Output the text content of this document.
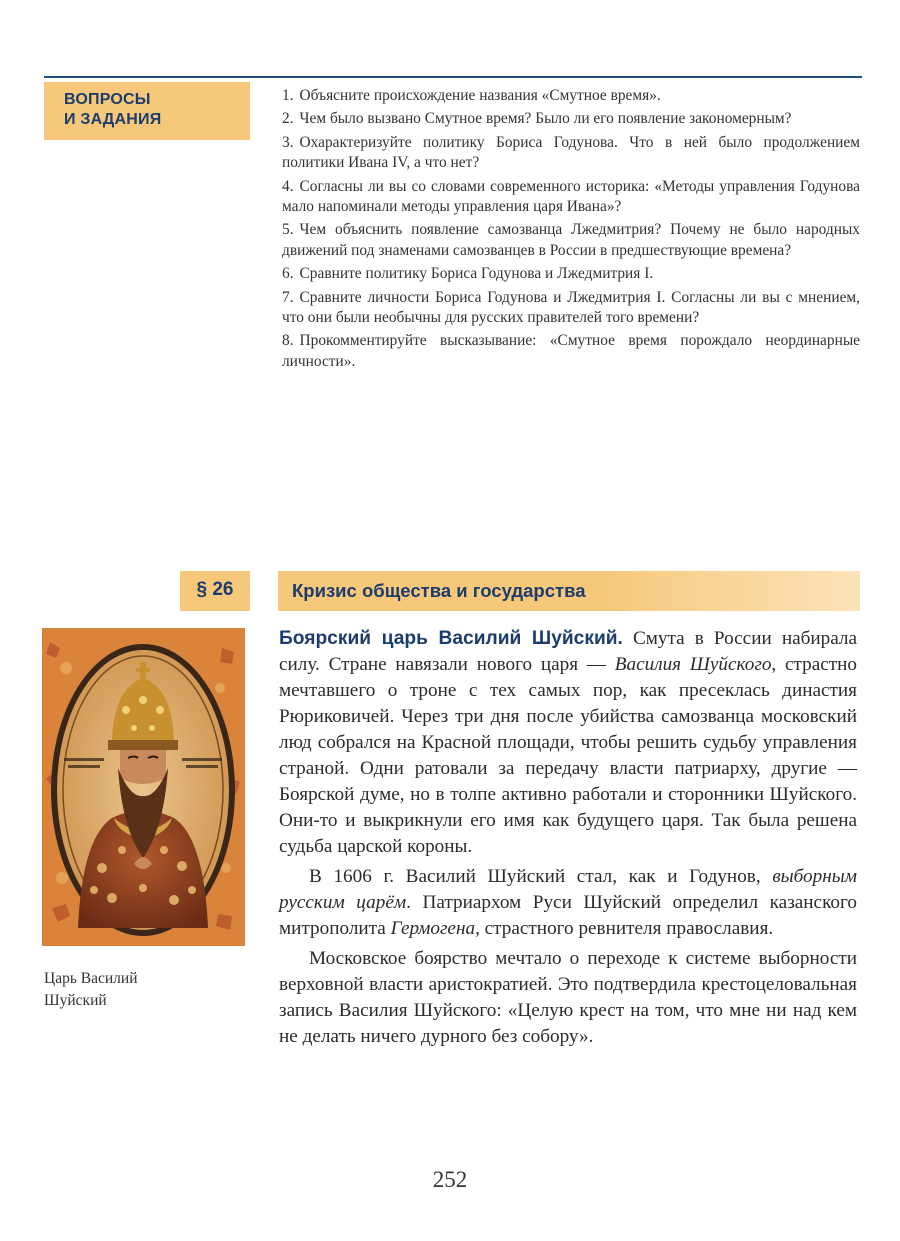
ВОПРОСЫ
И ЗАДАНИЯ
1. Объясните происхождение названия «Смутное время».
2. Чем было вызвано Смутное время? Было ли его появление закономерным?
3. Охарактеризуйте политику Бориса Годунова. Что в ней было продолжением политики Ивана IV, а что нет?
4. Согласны ли вы со словами современного историка: «Методы управления Годунова мало напоминали методы управления царя Ивана»?
5. Чем объяснить появление самозванца Лжедмитрия? Почему не было народных движений под знаменами самозванцев в России в предшествующие времена?
6. Сравните политику Бориса Годунова и Лжедмитрия I.
7. Сравните личности Бориса Годунова и Лжедмитрия I. Согласны ли вы с мнением, что они были необычны для русских правителей того времени?
8. Прокомментируйте высказывание: «Смутное время порождало неординарные личности».
§ 26	Кризис общества и государства
Царь Василий
Шуйский

Боярский царь Василий Шуйский. Смута в России набирала силу. Стране навязали нового царя — Василия Шуйского, страстно мечтавшего о троне с тех самых пор, как пресеклась династия Рюриковичей. Через три дня после убийства самозванца московский люд собрался на Красной площади, чтобы решить судьбу управления страной. Одни ратовали за передачу власти патриарху, другие — Боярской думе, но в толпе активно работали и сторонники Шуйского. Они-то и выкрикнули его имя как будущего царя. Так была решена судьба царской короны.

В 1606 г. Василий Шуйский стал, как и Годунов, выборным русским царём. Патриархом Руси Шуйский определил казанского митрополита Гермогена, страстного ревнителя православия.

Московское боярство мечтало о переходе к системе выборности верховной власти аристократией. Это подтвердила крестоцеловальная запись Василия Шуйского: «Целую крест на том, что мне ни над кем не делать ничего дурного без собору».

252
